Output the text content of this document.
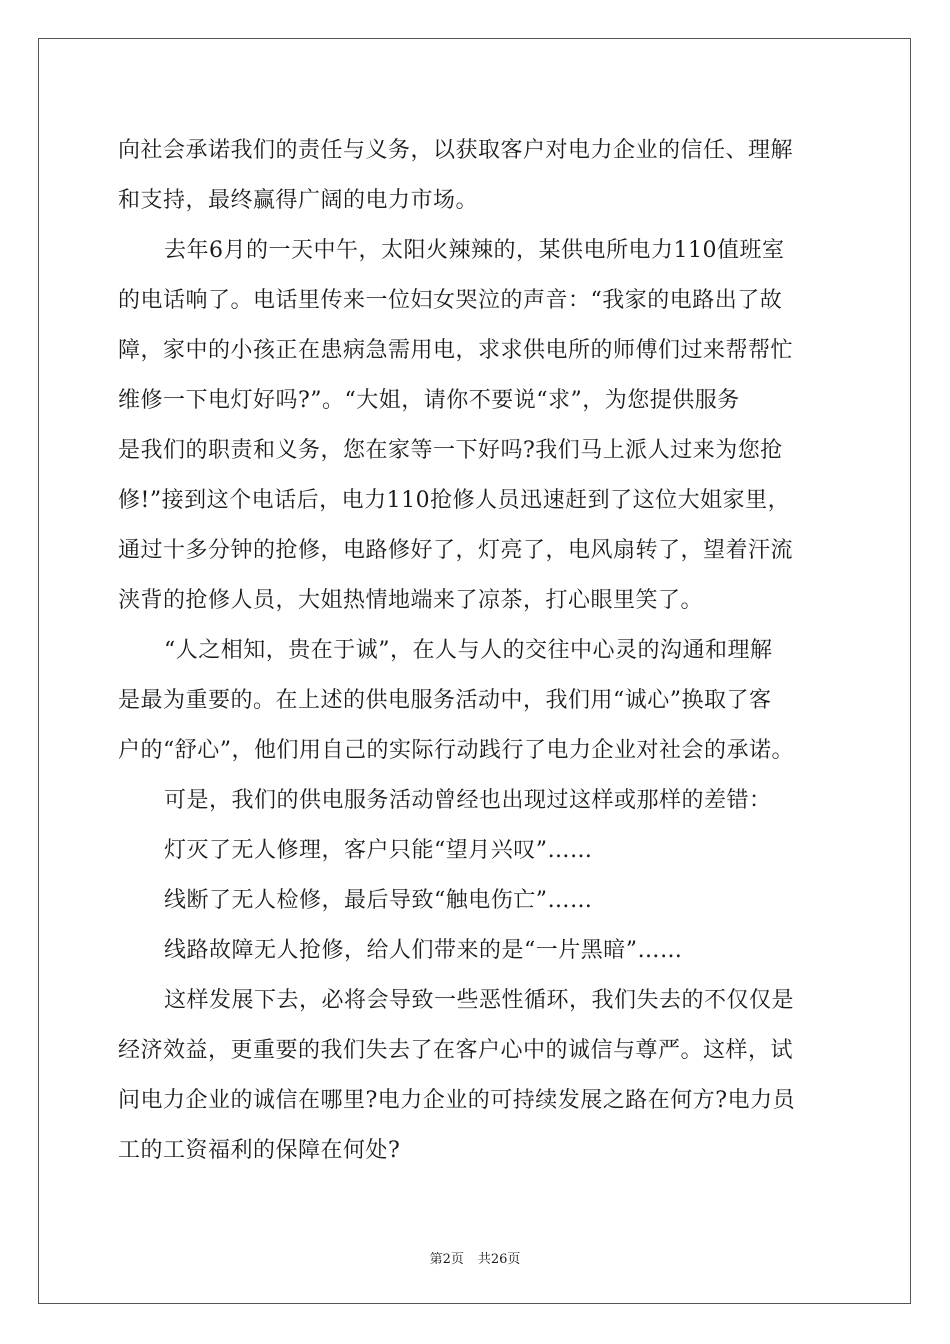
向社会承诺我们的责任与义务，以获取客户对电力企业的信任、理解
和支持，最终赢得广阔的电力市场。
去年6月的一天中午，太阳火辣辣的，某供电所电力110值班室
的电话响了。电话里传来一位妇女哭泣的声音：“我家的电路出了故
障，家中的小孩正在患病急需用电，求求供电所的师傅们过来帮帮忙
维修一下电灯好吗?”。“大姐，请你不要说“求”，为您提供服务
是我们的职责和义务，您在家等一下好吗?我们马上派人过来为您抢
修!”接到这个电话后，电力110抢修人员迅速赶到了这位大姐家里，
通过十多分钟的抢修，电路修好了，灯亮了，电风扇转了，望着汗流
浃背的抢修人员，大姐热情地端来了凉茶，打心眼里笑了。
“人之相知，贵在于诚”，在人与人的交往中心灵的沟通和理解
是最为重要的。在上述的供电服务活动中，我们用“诚心”换取了客
户的“舒心”，他们用自己的实际行动践行了电力企业对社会的承诺。
可是，我们的供电服务活动曾经也出现过这样或那样的差错：
灯灭了无人修理，客户只能“望月兴叹”……
线断了无人检修，最后导致“触电伤亡”……
线路故障无人抢修，给人们带来的是“一片黑暗”……
这样发展下去，必将会导致一些恶性循环，我们失去的不仅仅是
经济效益，更重要的我们失去了在客户心中的诚信与尊严。这样，试
问电力企业的诚信在哪里?电力企业的可持续发展之路在何方?电力员
工的工资福利的保障在何处?
第2页 共26页
